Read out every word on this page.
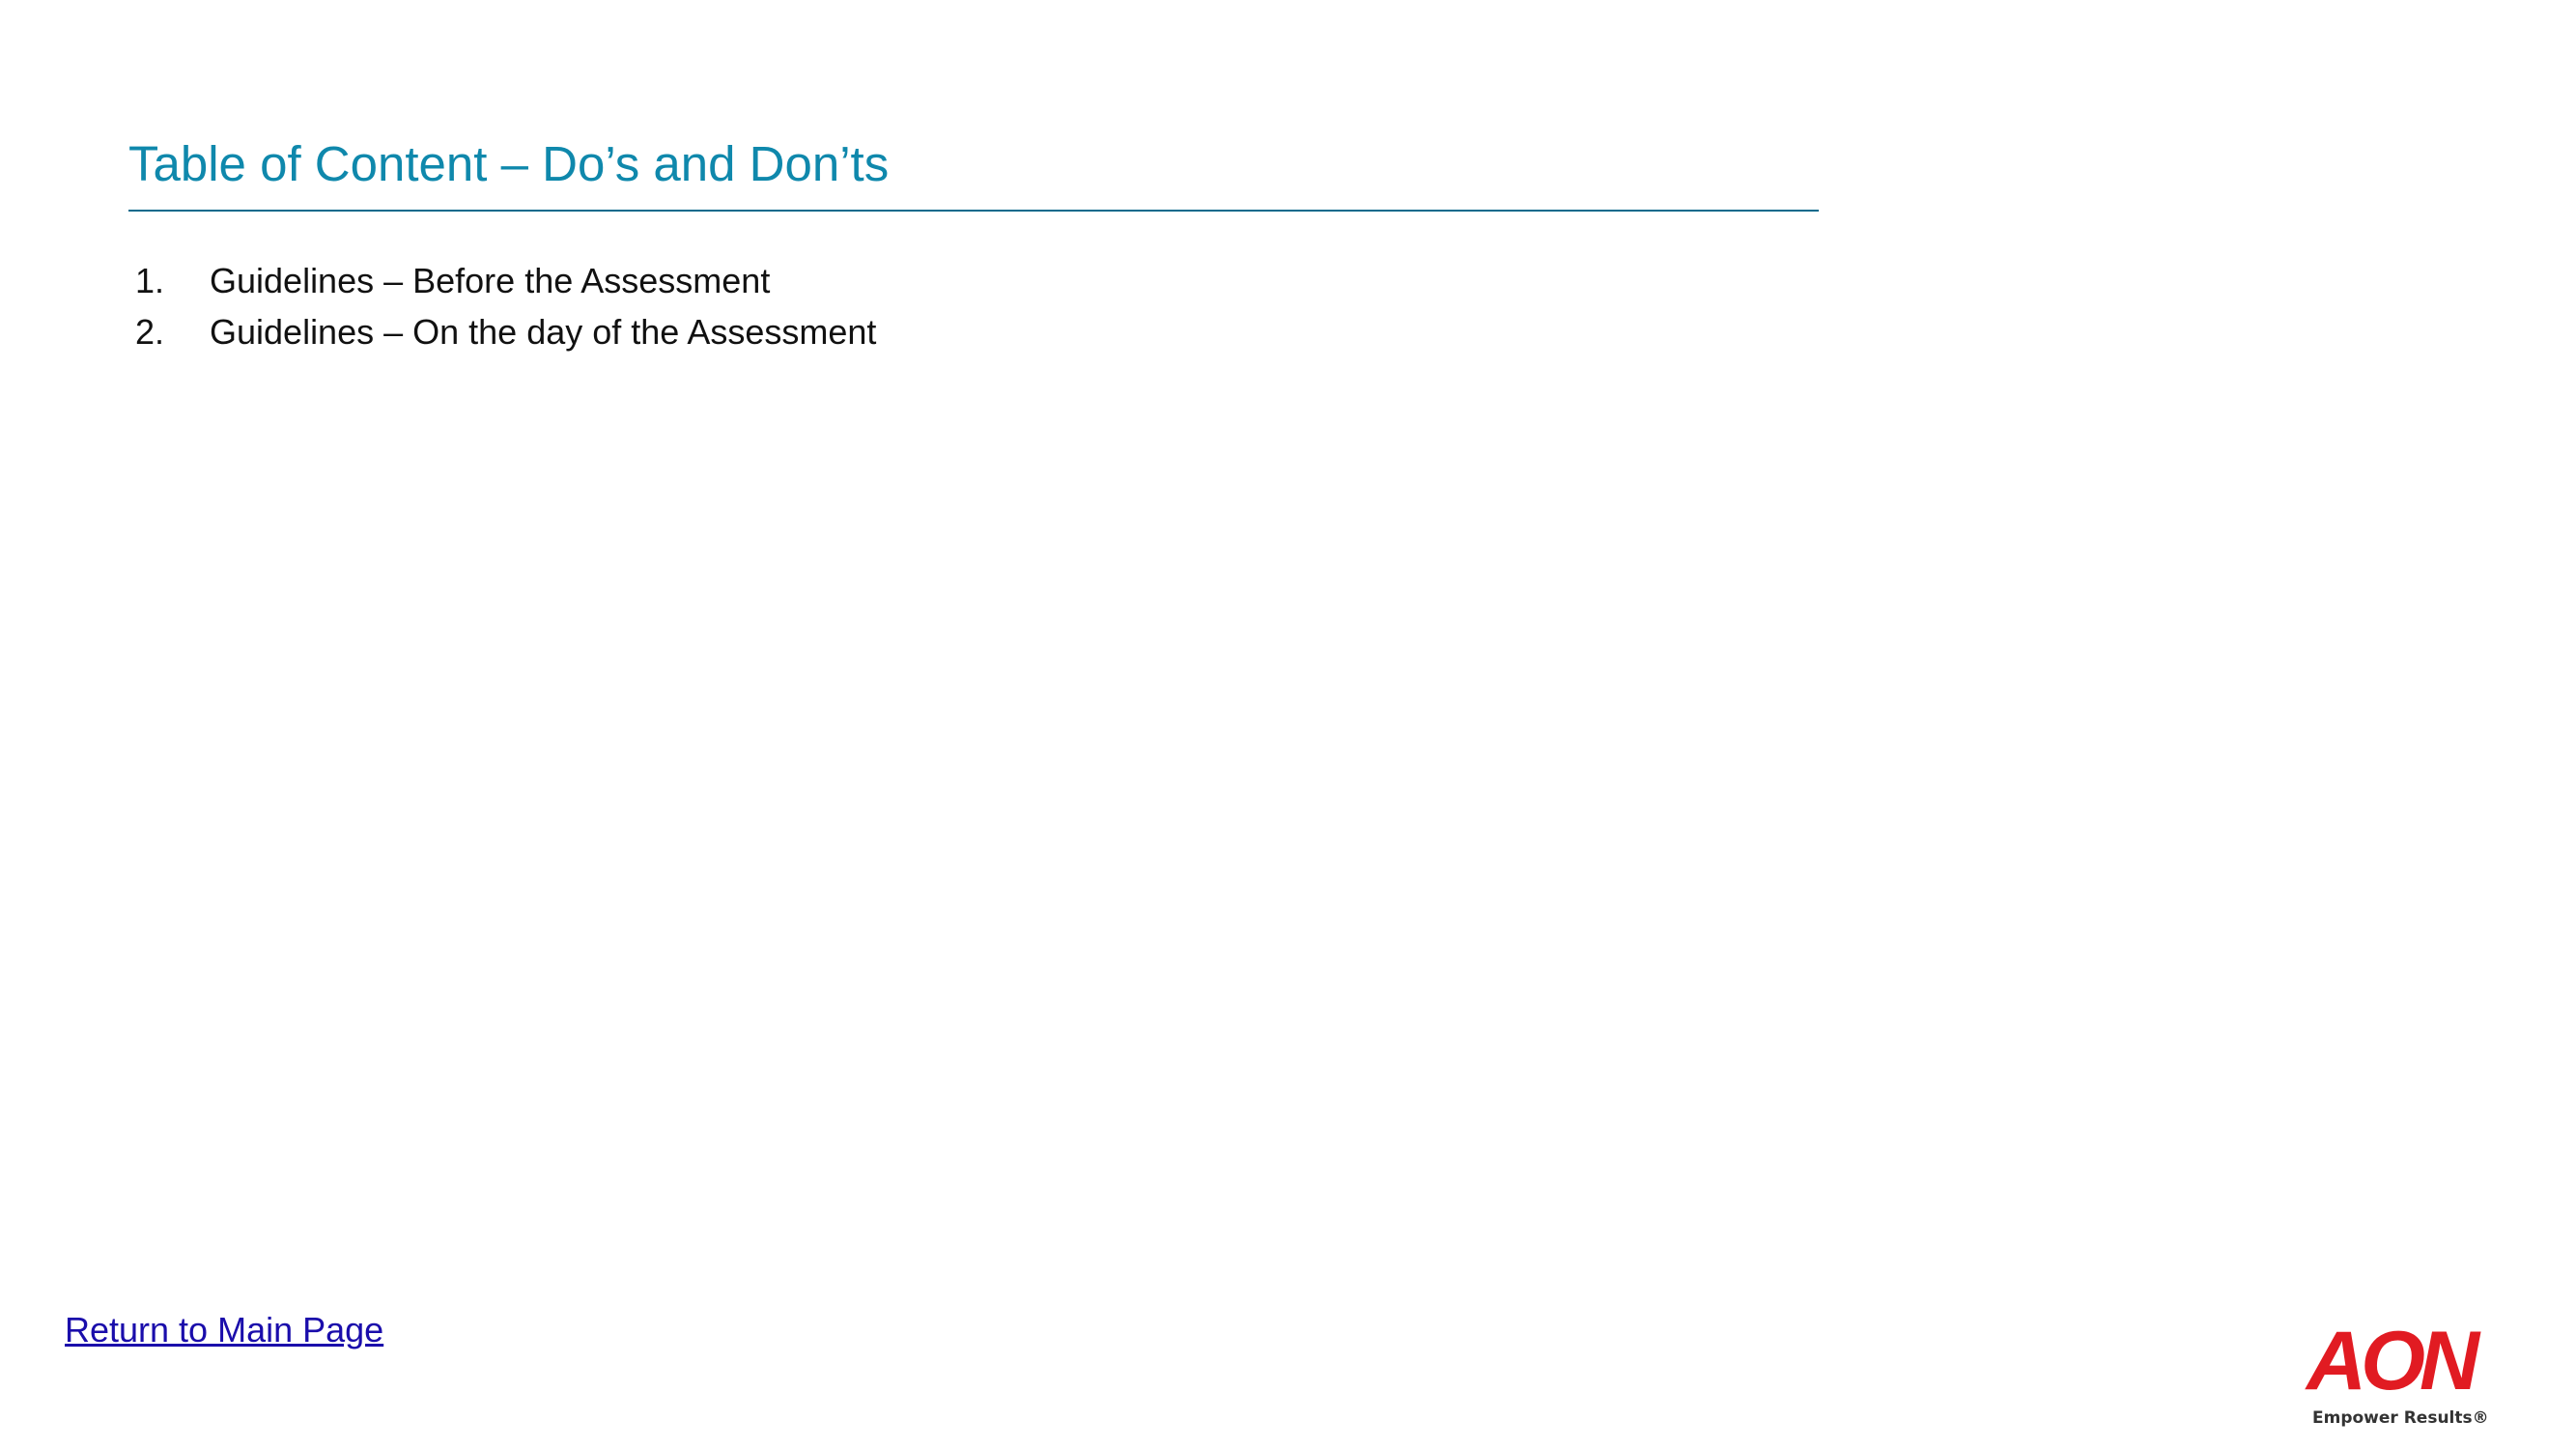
Table of Content – Do’s and Don’ts
1.	Guidelines – Before the Assessment
2.	Guidelines – On the day of the Assessment
Return to Main Page	AON
Empower Results®
